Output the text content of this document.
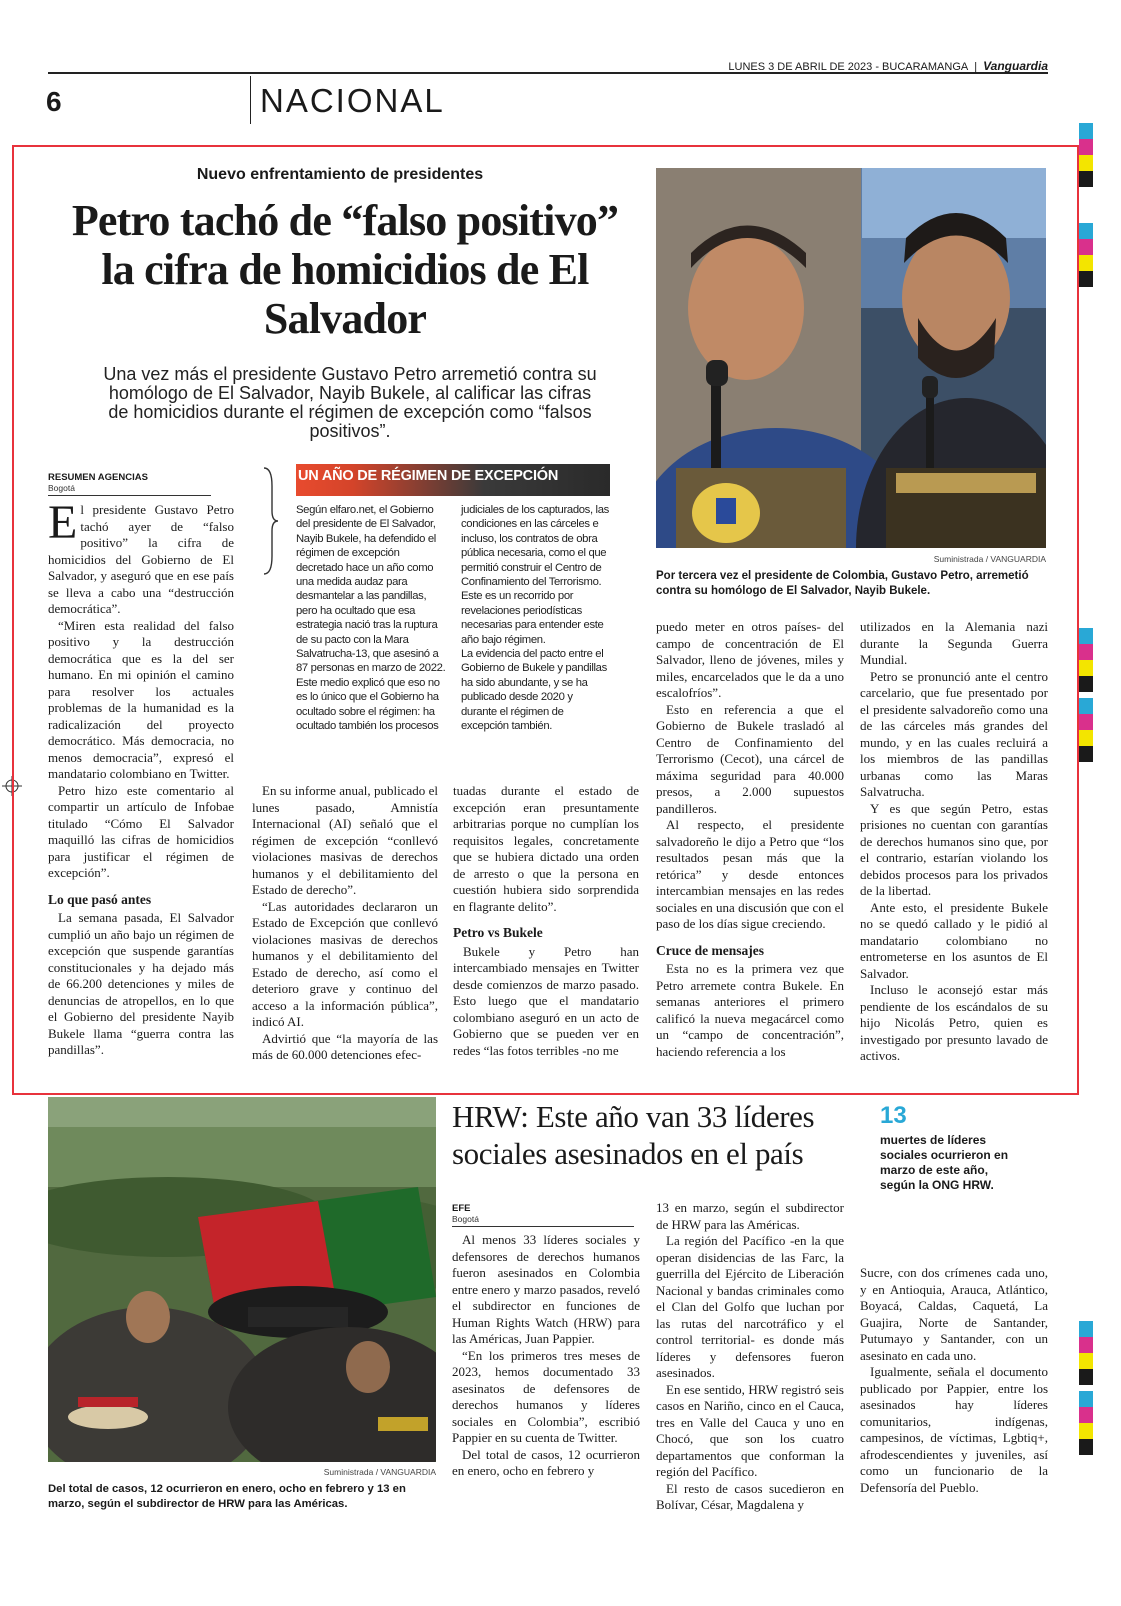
LUNES 3 DE ABRIL DE 2023 - BUCARAMANGA | Vanguardia
6	NACIONAL
Nuevo enfrentamiento de presidentes
Petro tachó de “falso positivo” la cifra de homicidios de El Salvador
Una vez más el presidente Gustavo Petro arremetió contra su homólogo de El Salvador, Nayib Bukele, al calificar las cifras de homicidios durante el régimen de excepción como “falsos positivos”.
Suministrada / VANGUARDIA
Por tercera vez el presidente de Colombia, Gustavo Petro, arremetió contra su homólogo de El Salvador, Nayib Bukele.
RESUMEN AGENCIAS
Bogotá

El presidente Gustavo Petro tachó ayer de “falso positivo” la cifra de homicidios del Gobierno de El Salvador, y aseguró que en ese país se lleva a cabo una “destrucción democrática”.

“Miren esta realidad del falso positivo y la destrucción democrática que es la del ser humano. En mi opinión el camino para resolver los actuales problemas de la humanidad es la radicalización del proyecto democrático. Más democracia, no menos democracia”, expresó el mandatario colombiano en Twitter.

Petro hizo este comentario al compartir un artículo de Infobae titulado “Cómo El Salvador maquilló las cifras de homicidios para justificar el régimen de excepción”.

Lo que pasó antes

La semana pasada, El Salvador cumplió un año bajo un régimen de excepción que suspende garantías constitucionales y ha dejado más de 66.200 detenciones y miles de denuncias de atropellos, en lo que el Gobierno del presidente Nayib Bukele llama “guerra contra las pandillas”.

UN AÑO DE RÉGIMEN DE EXCEPCIÓN

Según elfaro.net, el Gobierno del presidente de El Salvador, Nayib Bukele, ha defendido el régimen de excepción decretado hace un año como una medida audaz para desmantelar a las pandillas, pero ha ocultado que esa estrategia nació tras la ruptura de su pacto con la Mara Salvatrucha-13, que asesinó a 87 personas en marzo de 2022.

Este medio explicó que eso no es lo único que el Gobierno ha ocultado sobre el régimen: ha ocultado también los procesos

judiciales de los capturados, las condiciones en las cárceles e incluso, los contratos de obra pública necesaria, como el que permitió construir el Centro de Confinamiento del Terrorismo. Este es un recorrido por revelaciones periodísticas necesarias para entender este año bajo régimen.

La evidencia del pacto entre el Gobierno de Bukele y pandillas ha sido abundante, y se ha publicado desde 2020 y durante el régimen de excepción también.

En su informe anual, publicado el lunes pasado, Amnistía Internacional (AI) señaló que el régimen de excepción “conllevó violaciones masivas de derechos humanos y el debilitamiento del Estado de derecho”.

“Las autoridades declararon un Estado de Excepción que conllevó violaciones masivas de derechos humanos y el debilitamiento del Estado de derecho, así como el deterioro grave y continuo del acceso a la información pública”, indicó AI.

Advirtió que “la mayoría de las más de 60.000 detenciones efec-

tuadas durante el estado de excepción eran presuntamente arbitrarias porque no cumplían los requisitos legales, concretamente que se hubiera dictado una orden de arresto o que la persona en cuestión hubiera sido sorprendida en flagrante delito”.

Petro vs Bukele

Bukele y Petro han intercambiado mensajes en Twitter desde comienzos de marzo pasado. Esto luego que el mandatario colombiano aseguró en un acto de Gobierno que se pueden ver en redes “las fotos terribles -no me

puedo meter en otros países- del campo de concentración de El Salvador, lleno de jóvenes, miles y miles, encarcelados que le da a uno escalofríos”.

Esto en referencia a que el Gobierno de Bukele trasladó al Centro de Confinamiento del Terrorismo (Cecot), una cárcel de máxima seguridad para 40.000 presos, a 2.000 supuestos pandilleros.

Al respecto, el presidente salvadoreño le dijo a Petro que “los resultados pesan más que la retórica” y desde entonces intercambian mensajes en las redes sociales en una discusión que con el paso de los días sigue creciendo.

Cruce de mensajes

Esta no es la primera vez que Petro arremete contra Bukele. En semanas anteriores el primero calificó la nueva megacárcel como un “campo de concentración”, haciendo referencia a los

utilizados en la Alemania nazi durante la Segunda Guerra Mundial.

Petro se pronunció ante el centro carcelario, que fue presentado por el presidente salvadoreño como una de las cárceles más grandes del mundo, y en las cuales recluirá a los miembros de las pandillas urbanas como las Maras Salvatrucha.

Y es que según Petro, estas prisiones no cuentan con garantías de derechos humanos sino que, por el contrario, estarían violando los debidos procesos para los privados de la libertad.

Ante esto, el presidente Bukele no se quedó callado y le pidió al mandatario colombiano no entrometerse en los asuntos de El Salvador.

Incluso le aconsejó estar más pendiente de los escándalos de su hijo Nicolás Petro, quien es investigado por presunto lavado de activos.

Suministrada / VANGUARDIA
Del total de casos, 12 ocurrieron en enero, ocho en febrero y 13 en marzo, según el subdirector de HRW para las Américas.
HRW: Este año van 33 líderes sociales asesinados en el país
13
muertes de líderes sociales ocurrieron en marzo de este año, según la ONG HRW.
EFE
Bogotá

Al menos 33 líderes sociales y defensores de derechos humanos fueron asesinados en Colombia entre enero y marzo pasados, reveló el subdirector en funciones de Human Rights Watch (HRW) para las Américas, Juan Pappier.

“En los primeros tres meses de 2023, hemos documentado 33 asesinatos de defensores de derechos humanos y líderes sociales en Colombia”, escribió Pappier en su cuenta de Twitter.

Del total de casos, 12 ocurrieron en enero, ocho en febrero y

13 en marzo, según el subdirector de HRW para las Américas.

La región del Pacífico -en la que operan disidencias de las Farc, la guerrilla del Ejército de Liberación Nacional y bandas criminales como el Clan del Golfo que luchan por las rutas del narcotráfico y el control territorial- es donde más líderes y defensores fueron asesinados.

En ese sentido, HRW registró seis casos en Nariño, cinco en el Cauca, tres en Valle del Cauca y uno en Chocó, que son los cuatro departamentos que conforman la región del Pacífico.

El resto de casos sucedieron en Bolívar, César, Magdalena y

Sucre, con dos crímenes cada uno, y en Antioquia, Arauca, Atlántico, Boyacá, Caldas, Caquetá, La Guajira, Norte de Santander, Putumayo y Santander, con un asesinato en cada uno.

Igualmente, señala el documento publicado por Pappier, entre los asesinados hay líderes comunitarios, indígenas, campesinos, de víctimas, Lgbtiq+, afrodescendientes y juveniles, así como un funcionario de la Defensoría del Pueblo.
